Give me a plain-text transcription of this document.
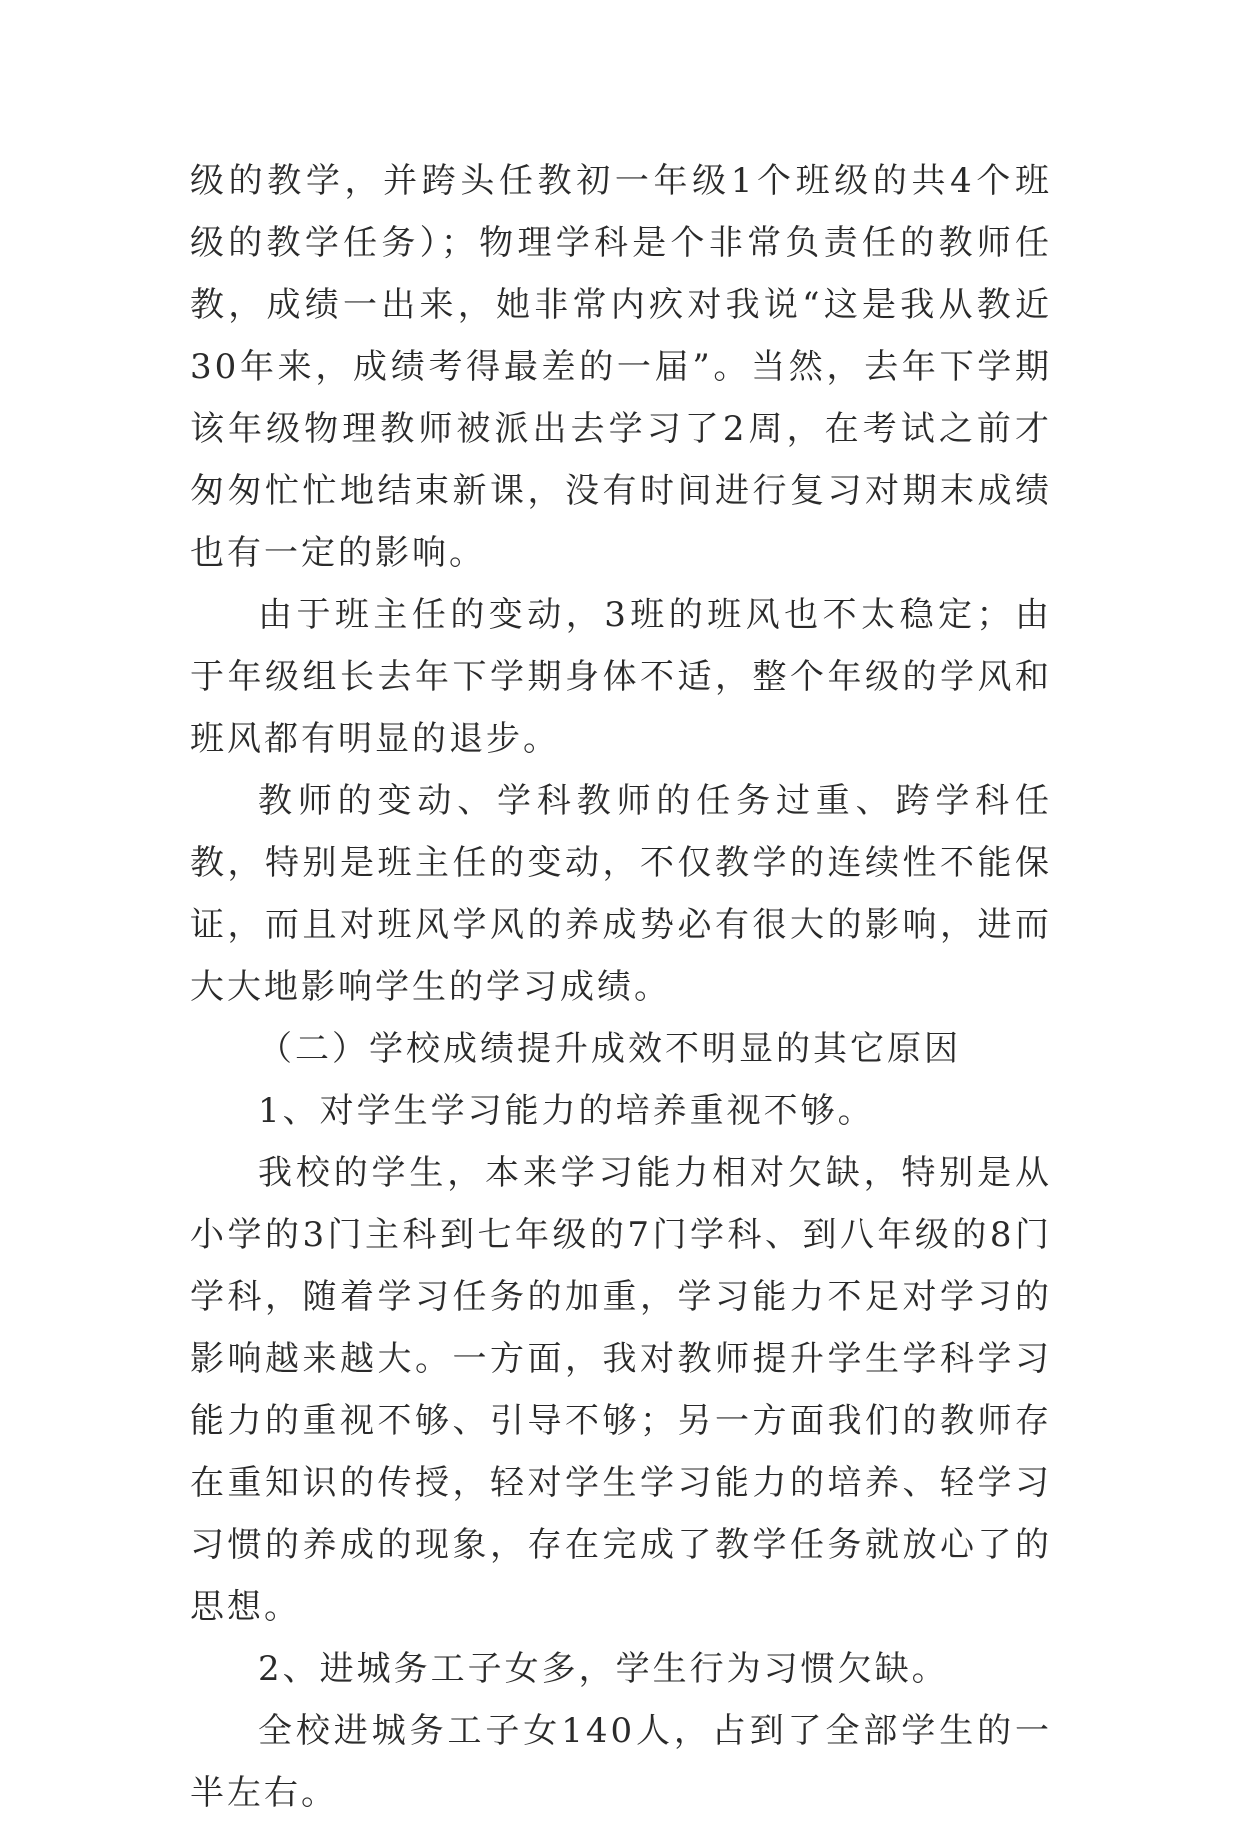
级的教学，并跨头任教初一年级1个班级的共4个班级的教学任务）；物理学科是个非常负责任的教师任教，成绩一出来，她非常内疚对我说“这是我从教近30年来，成绩考得最差的一届”。当然，去年下学期该年级物理教师被派出去学习了2周，在考试之前才匆匆忙忙地结束新课，没有时间进行复习对期末成绩也有一定的影响。

由于班主任的变动，3班的班风也不太稳定；由于年级组长去年下学期身体不适，整个年级的学风和班风都有明显的退步。

教师的变动、学科教师的任务过重、跨学科任教，特别是班主任的变动，不仅教学的连续性不能保证，而且对班风学风的养成势必有很大的影响，进而大大地影响学生的学习成绩。

（二）学校成绩提升成效不明显的其它原因

1、对学生学习能力的培养重视不够。

我校的学生，本来学习能力相对欠缺，特别是从小学的3门主科到七年级的7门学科、到八年级的8门学科，随着学习任务的加重，学习能力不足对学习的影响越来越大。一方面，我对教师提升学生学科学习能力的重视不够、引导不够；另一方面我们的教师存在重知识的传授，轻对学生学习能力的培养、轻学习习惯的养成的现象，存在完成了教学任务就放心了的思想。

2、进城务工子女多，学生行为习惯欠缺。

全校进城务工子女140人，占到了全部学生的一半左右。
